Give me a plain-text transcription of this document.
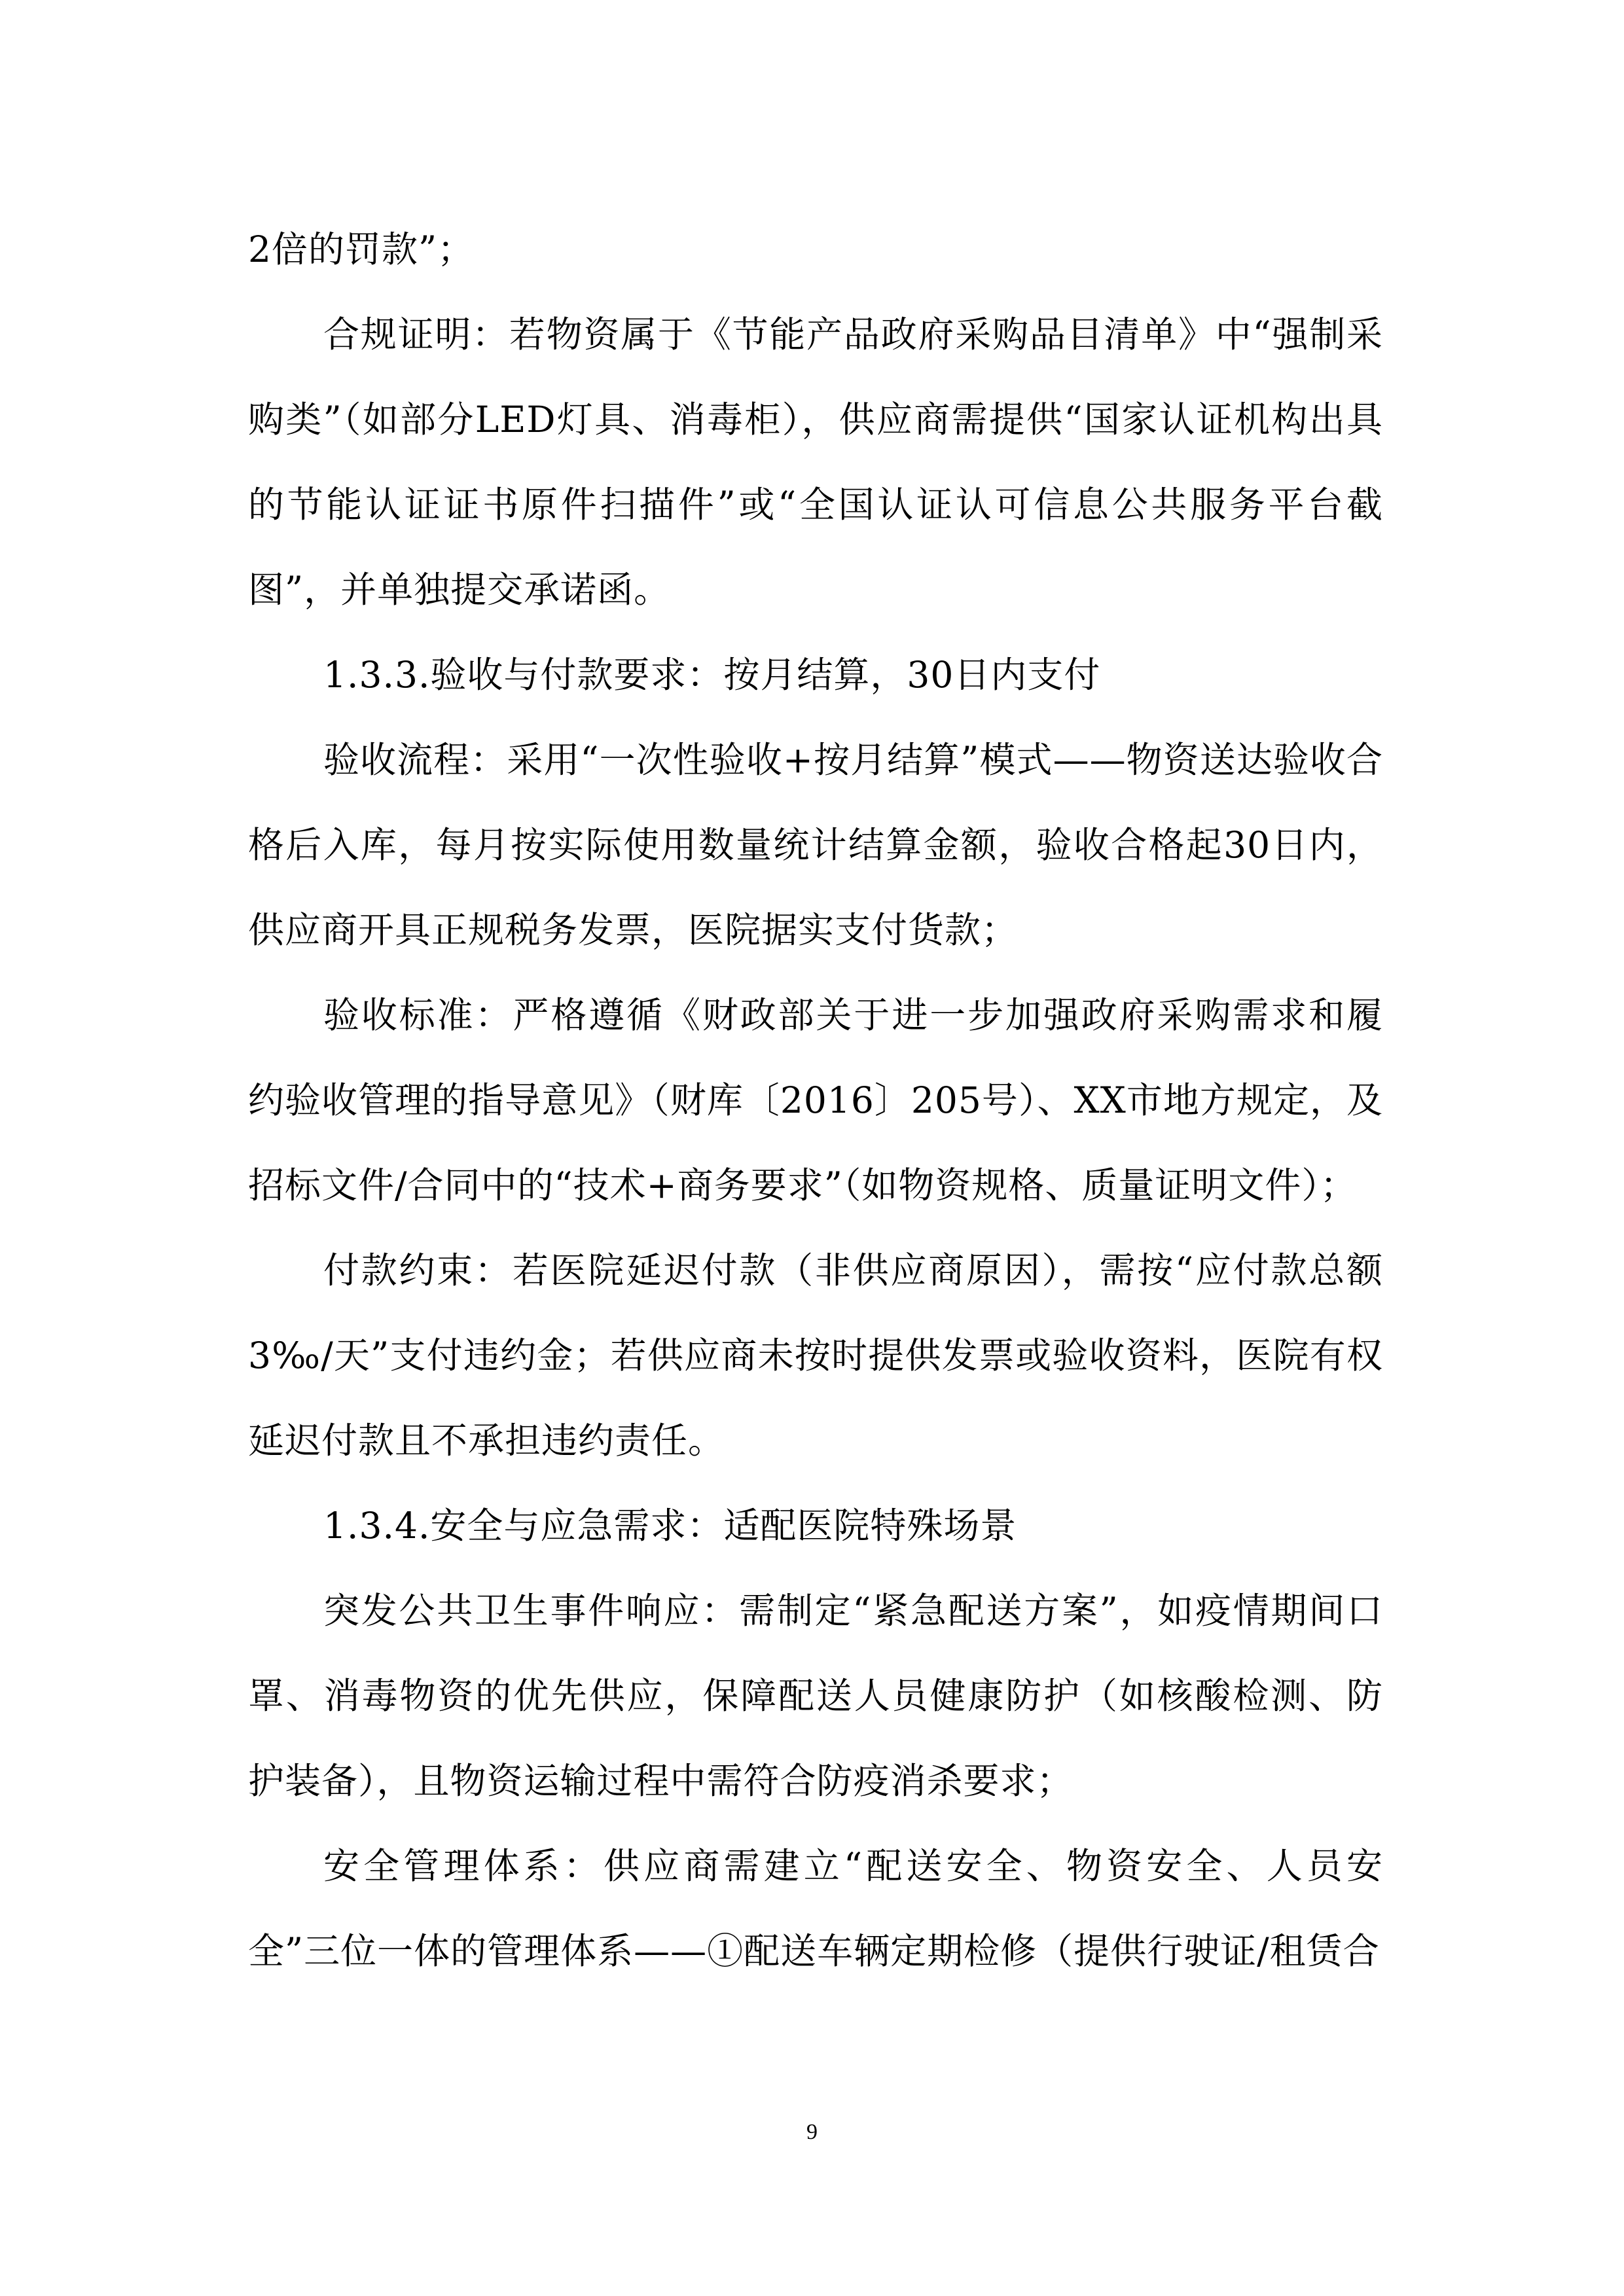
2倍的罚款”；

合规证明：若物资属于《节能产品政府采购品目清单》中“强制采购类”（如部分LED灯具、消毒柜），供应商需提供“国家认证机构出具的节能认证证书原件扫描件”或“全国认证认可信息公共服务平台截图”，并单独提交承诺函。

1.3.3.验收与付款要求：按月结算，30日内支付

验收流程：采用“一次性验收+按月结算”模式——物资送达验收合格后入库，每月按实际使用数量统计结算金额，验收合格起30日内，供应商开具正规税务发票，医院据实支付货款；

验收标准：严格遵循《财政部关于进一步加强政府采购需求和履约验收管理的指导意见》（财库〔2016〕205号）、XX市地方规定，及招标文件/合同中的“技术+商务要求”（如物资规格、质量证明文件）；

付款约束：若医院延迟付款（非供应商原因），需按“应付款总额3‰/天”支付违约金；若供应商未按时提供发票或验收资料，医院有权延迟付款且不承担违约责任。

1.3.4.安全与应急需求：适配医院特殊场景

突发公共卫生事件响应：需制定“紧急配送方案”，如疫情期间口罩、消毒物资的优先供应，保障配送人员健康防护（如核酸检测、防护装备），且物资运输过程中需符合防疫消杀要求；

安全管理体系：供应商需建立“配送安全、物资安全、人员安全”三位一体的管理体系——①配送车辆定期检修（提供行驶证/租赁合

9
